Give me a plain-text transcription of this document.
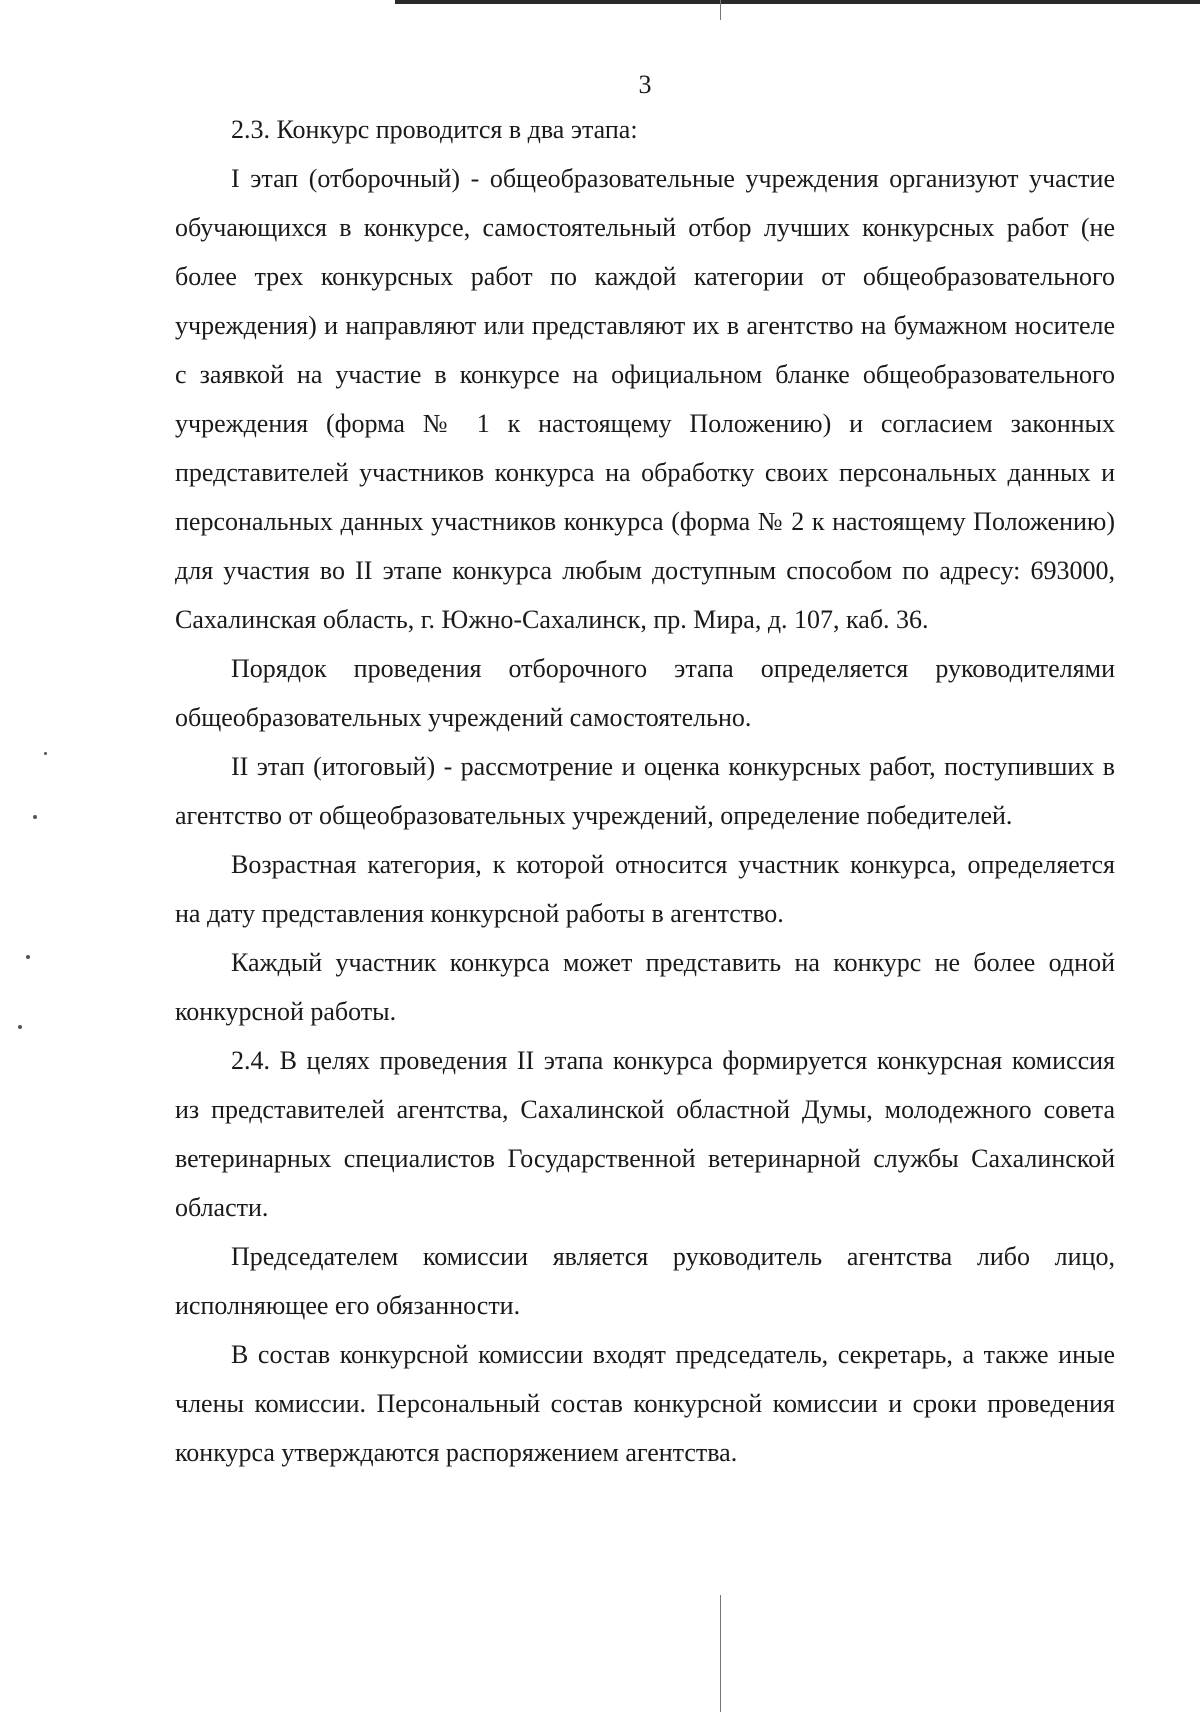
3

2.3. Конкурс проводится в два этапа:

I этап (отборочный) - общеобразовательные учреждения организуют участие обучающихся в конкурсе, самостоятельный отбор лучших конкурсных работ (не более трех конкурсных работ по каждой категории от общеобразовательного учреждения) и направляют или представляют их в агентство на бумажном носителе с заявкой на участие в конкурсе на официальном бланке общеобразовательного учреждения (форма № 1 к настоящему Положению) и согласием законных представителей участников конкурса на обработку своих персональных данных и персональных данных участников конкурса (форма № 2 к настоящему Положению) для участия во II этапе конкурса любым доступным способом по адресу: 693000, Сахалинская область, г. Южно-Сахалинск, пр. Мира, д. 107, каб. 36.

Порядок проведения отборочного этапа определяется руководителями общеобразовательных учреждений самостоятельно.

II этап (итоговый) - рассмотрение и оценка конкурсных работ, поступивших в агентство от общеобразовательных учреждений, определение победителей.

Возрастная категория, к которой относится участник конкурса, определяется на дату представления конкурсной работы в агентство.

Каждый участник конкурса может представить на конкурс не более одной конкурсной работы.

2.4. В целях проведения II этапа конкурса формируется конкурсная комиссия из представителей агентства, Сахалинской областной Думы, молодежного совета ветеринарных специалистов Государственной ветеринарной службы Сахалинской области.

Председателем комиссии является руководитель агентства либо лицо, исполняющее его обязанности.

В состав конкурсной комиссии входят председатель, секретарь, а также иные члены комиссии. Персональный состав конкурсной комиссии и сроки проведения конкурса утверждаются распоряжением агентства.
